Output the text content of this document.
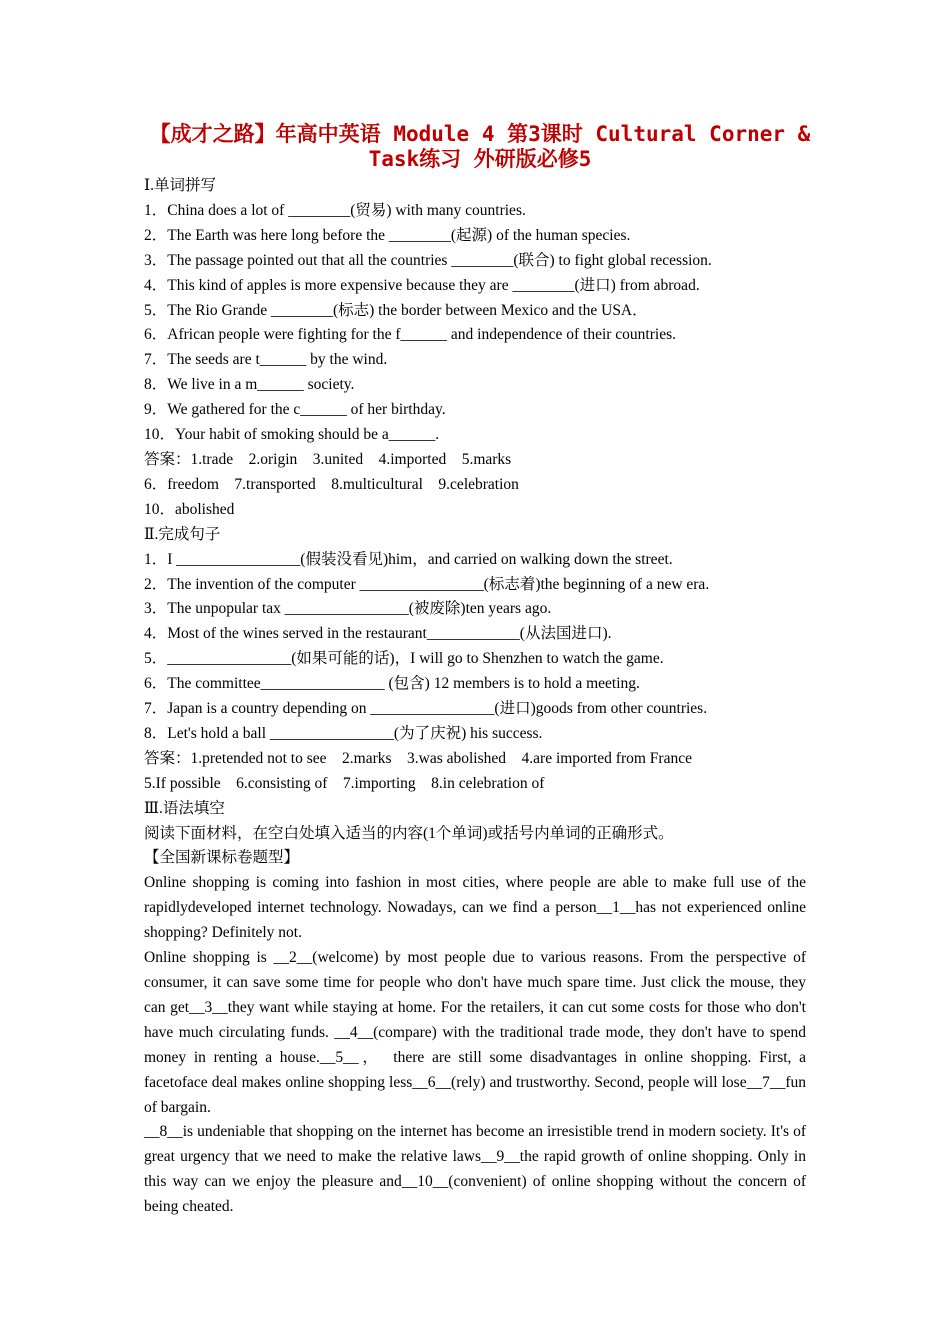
【成才之路】年高中英语 Module 4 第3课时 Cultural Corner &
Task练习 外研版必修5
Ⅰ.单词拼写
1．China does a lot of ________(贸易) with many countries.
2．The Earth was here long before the ________(起源) of the human species.
3．The passage pointed out that all the countries ________(联合) to fight global recession.
4．This kind of apples is more expensive because they are ________(进口) from abroad.
5．The Rio Grande ________(标志) the border between Mexico and the USA．
6．African people were fighting for the f______ and independence of their countries.
7．The seeds are t______ by the wind.
8．We live in a m______ society.
9．We gathered for the c______ of her birthday.
10．Your habit of smoking should be a______.
答案：1.trade　2.origin　3.united　4.imported　5.marks
6．freedom　7.transported　8.multicultural　9.celebration
10．abolished
Ⅱ.完成句子
1．I ________________(假装没看见)him，and carried on walking down the street.
2．The invention of the computer ________________(标志着)the beginning of a new era.
3．The unpopular tax ________________(被废除)ten years ago.
4．Most of the wines served in the restaurant____________(从法国进口).
5．________________(如果可能的话)，I will go to Shenzhen to watch the game.
6．The committee________________ (包含) 12 members is to hold a meeting.
7．Japan is a country depending on ________________(进口)goods from other countries.
8．Let's hold a ball ________________(为了庆祝) his success.
答案：1.pretended not to see　2.marks　3.was abolished　4.are imported from France
5.If possible　6.consisting of　7.importing　8.in celebration of
Ⅲ.语法填空
阅读下面材料，在空白处填入适当的内容(1个单词)或括号内单词的正确形式。
【全国新课标卷题型】
Online shopping is coming into fashion in most cities, where people are able to make full use of the rapidlydeveloped internet technology. Nowadays, can we find a person__1__has not experienced online shopping? Definitely not.
Online shopping is __2__(welcome) by most people due to various reasons. From the perspective of consumer, it can save some time for people who don't have much spare time. Just click the mouse, they can get__3__they want while staying at home. For the retailers, it can cut some costs for those who don't have much circulating funds. __4__(compare) with the traditional trade mode, they don't have to spend money in renting a house.__5__，　there are still some disadvantages in online shopping. First, a facetoface deal makes online shopping less__6__(rely) and trustworthy. Second, people will lose__7__fun of bargain.
__8__is undeniable that shopping on the internet has become an irresistible trend in modern society. It's of great urgency that we need to make the relative laws__9__the rapid growth of online shopping. Only in this way can we enjoy the pleasure and__10__(convenient) of online shopping without the concern of being cheated.
